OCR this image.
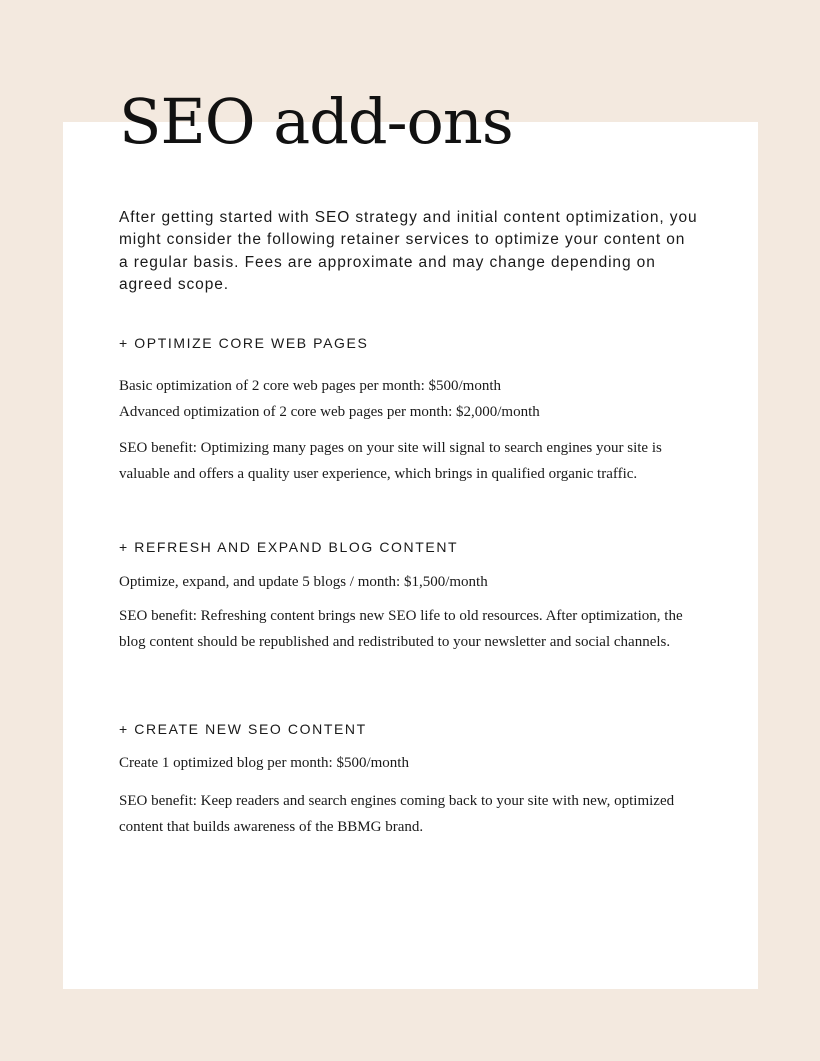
SEO add-ons

After getting started with SEO strategy and initial content optimization, you might consider the following retainer services to optimize your content on a regular basis. Fees are approximate and may change depending on agreed scope.

+ OPTIMIZE CORE WEB PAGES

Basic optimization of 2 core web pages per month: $500/month

Advanced optimization of 2 core web pages per month: $2,000/month

SEO benefit: Optimizing many pages on your site will signal to search engines your site is valuable and offers a quality user experience, which brings in qualified organic traffic.

+ REFRESH AND EXPAND BLOG CONTENT

Optimize, expand, and update 5 blogs / month: $1,500/month

SEO benefit: Refreshing content brings new SEO life to old resources. After optimization, the blog content should be republished and redistributed to your newsletter and social channels.

+ CREATE NEW SEO CONTENT

Create 1 optimized blog per month: $500/month

SEO benefit: Keep readers and search engines coming back to your site with new, optimized content that builds awareness of the BBMG brand.
